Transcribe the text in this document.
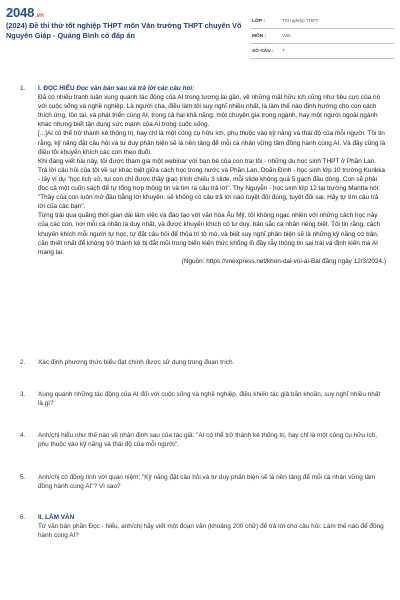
2048 .vn
(2024) Đề thi thử tốt nghiệp THPT môn Văn trường THPT chuyên Võ Nguyên Giáp - Quảng Bình có đáp án
LỚP :	Tốt nghiệp THPT
MÔN :	Văn
SỐ CÂU :	7
1.	I. ĐỌC HIỂU Đọc văn bản sau và trả lời các câu hỏi:

Đã có nhiều tranh luận xung quanh tác động của AI trong tương lai gần, về những mặt hữu ích cũng như tiêu cực của nó với cuộc sống và nghề nghiệp. Là người cha, điều làm tôi suy nghĩ nhiều nhất, là làm thế nào định hướng cho con cách thích ứng, tồn tại, và phát triển cùng AI, trong cả hai khả năng: một chuyên gia trong ngành, hay một người ngoài ngành khác nhưng biết tận dụng sức mạnh của AI trong cuộc sống.

[...]AI có thể trở thành kẻ thống trị, hay chỉ là một công cụ hữu ích, phụ thuộc vào kỹ năng và thái độ của mỗi người. Tôi tin rằng, kỹ năng đặt câu hỏi và tư duy phản biện sẽ là nền tảng để mỗi cá nhân vững tâm đồng hành cùng AI. Và đây cũng là điều tôi khuyến khích các con theo đuổi.

Khi đang viết bài này, tôi được tham gia một webinar với bạn bè của con trai tôi - những du học sinh THPT ở Phần Lan. Trả lời câu hỏi của tôi về sự khác biệt giữa cách học trong nước và Phần Lan, Doãn Đình - học sinh lớp 10 trường Kurikka - lấy ví dụ "học lịch sử, tụi con chỉ được thầy giao trình chiếu 3 slide, mỗi slide không quá 5 gạch đầu dòng. Con sẽ phải đọc cả một cuốn sách để tự tổng hợp thông tin và tìm ra câu trả lời". Thy Nguyễn - học sinh lớp 12 tại trường Mantta nói: "Thầy của con luôn mở đầu bằng lời khuyên: sẽ không có câu trả lời nào tuyệt đối đúng, tuyệt đối sai. Hãy tự tìm câu trả lời của các bạn".

Từng trải qua quãng thời gian dài làm việc và đào tạo với văn hóa Âu Mỹ, tôi không ngạc nhiên với những cách học này của các con, nơi mỗi cá nhân là duy nhất, và được khuyến khích có tư duy, bản sắc cá nhân riêng biệt. Tôi tin rằng, cách khuyến khích mỗi người tự học, tự đặt câu hỏi để thỏa trí tò mò, và biết suy nghĩ phản biện sẽ là những kỹ năng cơ bản, cần thiết nhất để không trở thành kẻ bị đắt mũi trong biển kiến thức khổng lồ đầy rẫy thông tin sai trái và định kiến mà AI mang lại.

(Nguồn: https://vnexpress.net/khon-dai-voi-ai-Bài đăng ngày 12/3/2024.)

2.	Xác định phương thức biểu đạt chính được sử dụng trong đoạn trích.
3.	Xung quanh những tác động của AI đối với cuộc sống và nghề nghiệp, điều khiến tác giả băn khoăn, suy nghĩ nhiều nhất là gì?
4.	Anh/chị hiểu như thế nào về nhận định sau của tác giả: "AI có thể trở thành kẻ thống trị, hay chỉ là một công cụ hữu ích, phụ thuộc vào kỹ năng và thái độ của mỗi người".
5.	Anh/chị có đồng tình với quan niệm: "Kỹ năng đặt câu hỏi và tư duy phản biện sẽ là nền tảng để mỗi cá nhân vững tâm đồng hành cùng AI"? Vì sao?
6.	II. LÀM VĂN
Từ văn bản phần Đọc - hiểu, anh/chị hãy viết một đoạn văn (khoảng 200 chữ) để trả lời cho câu hỏi: Làm thế nào để đồng hành cùng AI?
